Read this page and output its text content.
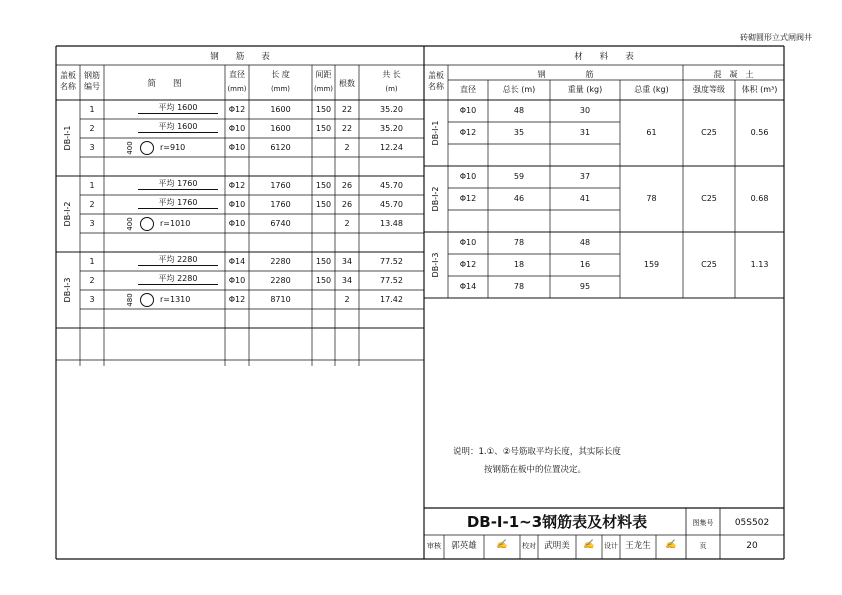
砖砌圆形立式闸阀井
钢　　筋　　表
盖板
名称
钢筋
编号	简　　图
直径
(mm)
长 度
(mm)
间距
(mm)
根数
共 长
(m)
材　　料　　表
盖板
名称
钢　　　　　筋	混　凝　土
直径	总长 (m)	重量 (kg)	总重 (kg)	强度等级	体积 (m³)
说明：1.①、②号筋取平均长度，其实际长度
按钢筋在板中的位置决定。
DB-Ⅰ-1~3钢筋表及材料表	图集号	05S502
页	20
审核	郭英雄	✍	校对 武明美	✍	设计 王龙生	✍
DB-Ⅰ-1
1	平均 1600	Φ12	1600	150	22	35.20
2	平均 1600	Φ10	1600	150	22	35.20
3	400	r=910	Φ10	6120	2	12.24
DB-Ⅰ-2
1	平均 1760	Φ12	1760	150	26	45.70
2	平均 1760	Φ10	1760	150	26	45.70
3	400	r=1010	Φ10	6740	2	13.48
DB-Ⅰ-3
1	平均 2280	Φ14	2280	150	34	77.52
2	平均 2280	Φ10	2280	150	34	77.52
3	480	r=1310	Φ12	8710	2	17.42
DB-Ⅰ-1
Φ10	48	30
Φ12	35	31	61	C25	0.56
DB-Ⅰ-2
Φ10	59	37
Φ12	46	41	78	C25	0.68
DB-Ⅰ-3
Φ10	78	48
Φ12	18	16
Φ14	78	95
159	C25	1.13
